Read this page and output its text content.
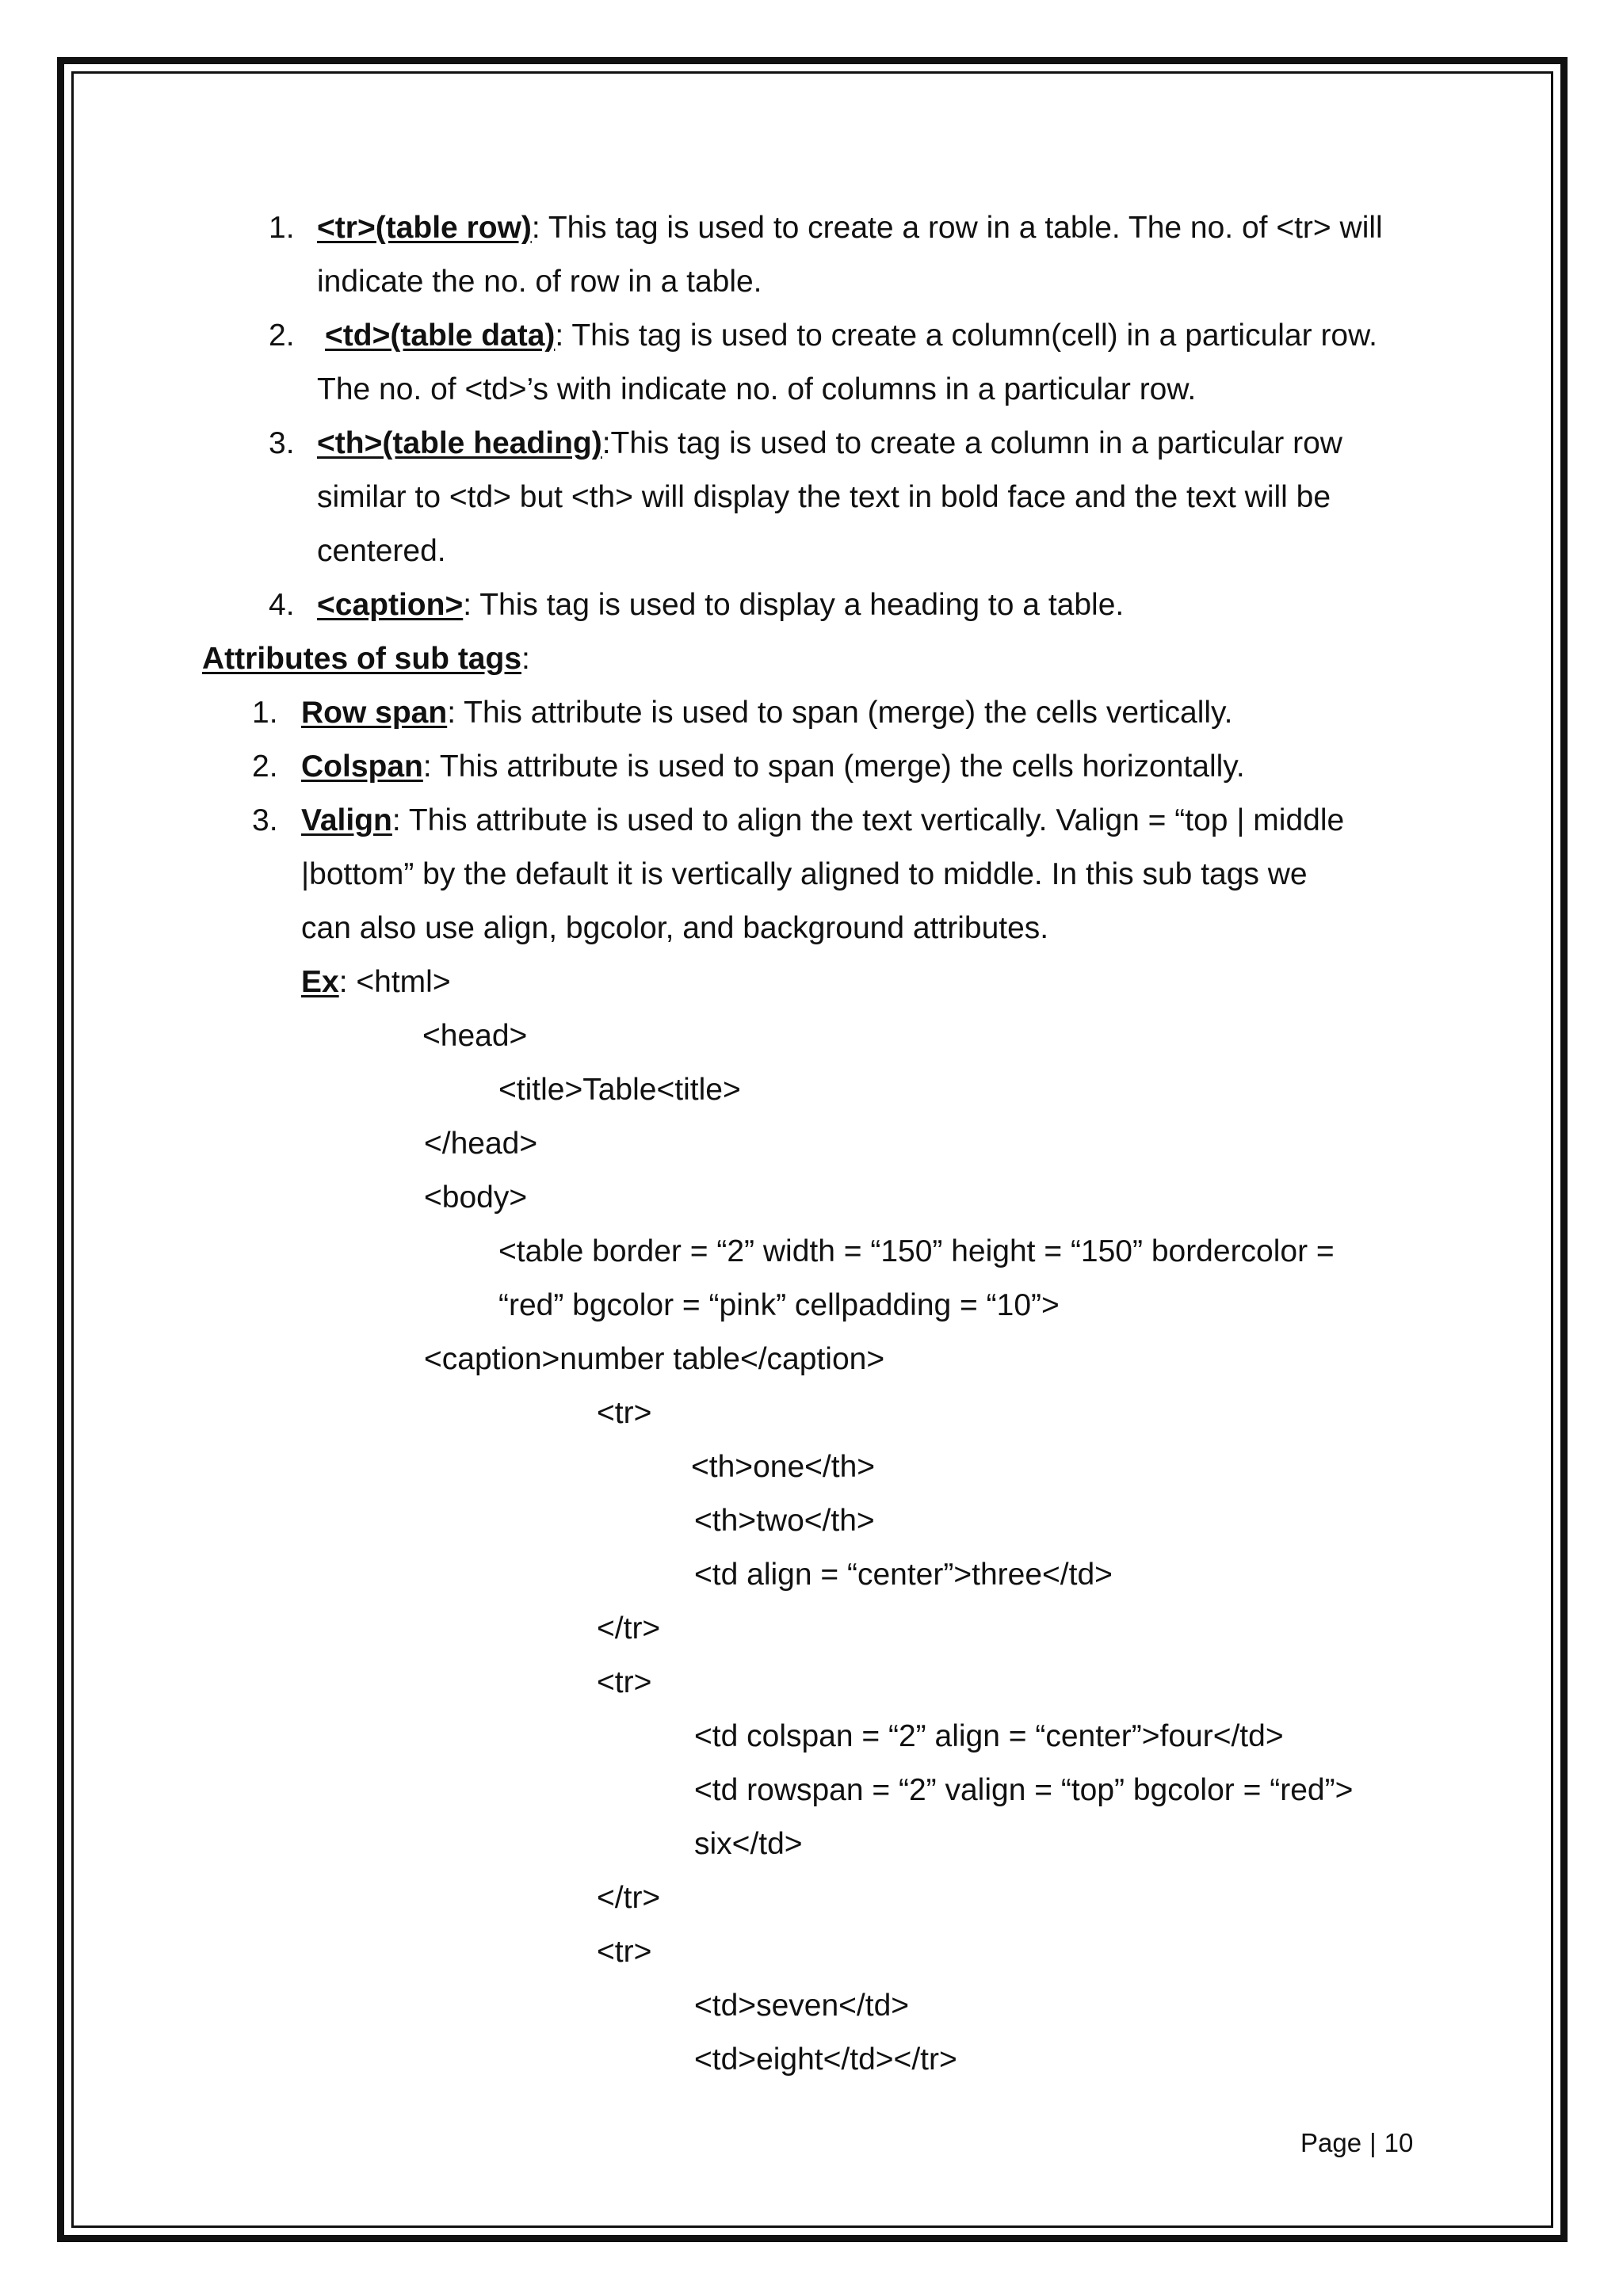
1. <tr>(table row): This tag is used to create a row in a table. The no. of <tr> will
indicate the no. of row in a table.
2. <td>(table data): This tag is used to create a column(cell) in a particular row.
The no. of <td>’s with indicate no. of columns in a particular row.
3. <th>(table heading):This tag is used to create a column in a particular row
similar to <td> but <th> will display the text in bold face and the text will be
centered.
4. <caption>: This tag is used to display a heading to a table.
Attributes of sub tags:
1. Row span: This attribute is used to span (merge) the cells vertically.
2. Colspan: This attribute is used to span (merge) the cells horizontally.
3. Valign: This attribute is used to align the text vertically. Valign = “top | middle
|bottom” by the default it is vertically aligned to middle. In this sub tags we
can also use align, bgcolor, and background attributes.
Ex: <html>
<head>
<title>Table<title>
</head>
<body>
<table border = “2” width = “150” height = “150” bordercolor =
“red” bgcolor = “pink” cellpadding = “10”>
<caption>number table</caption>
<tr>
<th>one</th>
<th>two</th>
<td align = “center”>three</td>
</tr>
<tr>
<td colspan = “2” align = “center”>four</td>
<td rowspan = “2” valign = “top” bgcolor = “red”>
six</td>
</tr>
<tr>
<td>seven</td>
<td>eight</td></tr>
Page | 10
